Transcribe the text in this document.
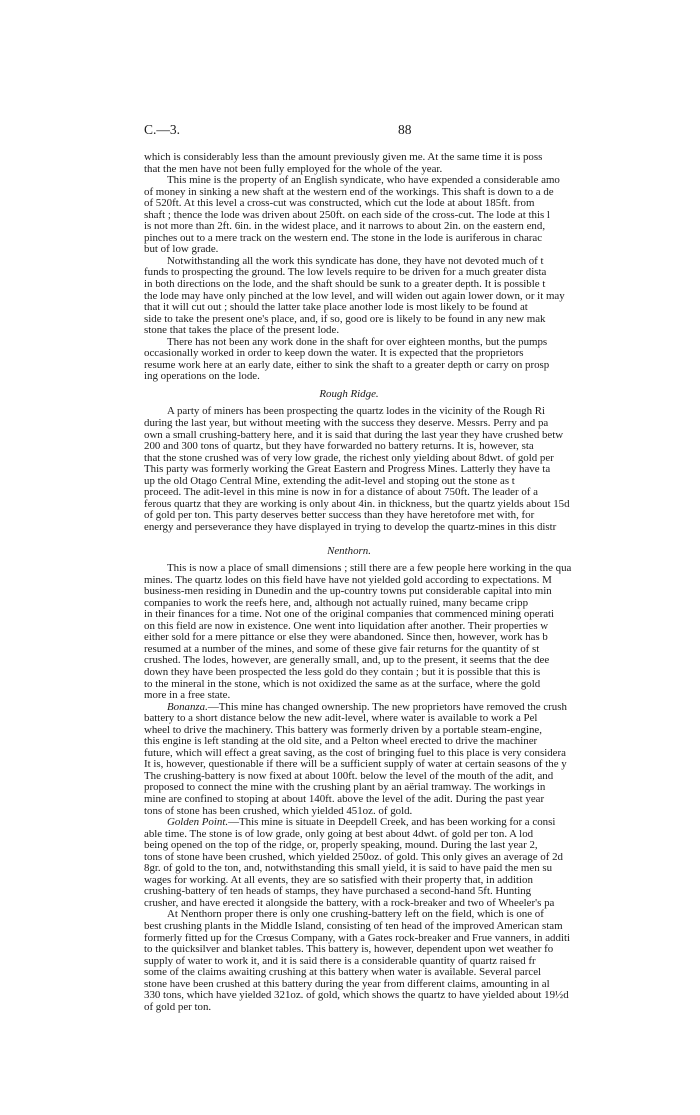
C.—3.	88

which is considerably less than the amount previously given me. At the same time it is poss

that the men have not been fully employed for the whole of the year.

This mine is the property of an English syndicate, who have expended a considerable amo

of money in sinking a new shaft at the western end of the workings. This shaft is down to a de

of 520ft. At this level a cross-cut was constructed, which cut the lode at about 185ft. from

shaft ; thence the lode was driven about 250ft. on each side of the cross-cut. The lode at this l

is not more than 2ft. 6in. in the widest place, and it narrows to about 2in. on the eastern end,

pinches out to a mere track on the western end. The stone in the lode is auriferous in charac

but of low grade.

Notwithstanding all the work this syndicate has done, they have not devoted much of t

funds to prospecting the ground. The low levels require to be driven for a much greater dista

in both directions on the lode, and the shaft should be sunk to a greater depth. It is possible t

the lode may have only pinched at the low level, and will widen out again lower down, or it may

that it will cut out ; should the latter take place another lode is most likely to be found at

side to take the present one's place, and, if so, good ore is likely to be found in any new mak

stone that takes the place of the present lode.

There has not been any work done in the shaft for over eighteen months, but the pumps

occasionally worked in order to keep down the water. It is expected that the proprietors

resume work here at an early date, either to sink the shaft to a greater depth or carry on prosp

ing operations on the lode.

Rough Ridge.

A party of miners has been prospecting the quartz lodes in the vicinity of the Rough Ri

during the last year, but without meeting with the success they deserve. Messrs. Perry and pa

own a small crushing-battery here, and it is said that during the last year they have crushed betw

200 and 300 tons of quartz, but they have forwarded no battery returns. It is, however, sta

that the stone crushed was of very low grade, the richest only yielding about 8dwt. of gold per

This party was formerly working the Great Eastern and Progress Mines. Latterly they have ta

up the old Otago Central Mine, extending the adit-level and stoping out the stone as t

proceed. The adit-level in this mine is now in for a distance of about 750ft. The leader of a

ferous quartz that they are working is only about 4in. in thickness, but the quartz yields about 15d

of gold per ton. This party deserves better success than they have heretofore met with, for

energy and perseverance they have displayed in trying to develop the quartz-mines in this distr

Nenthorn.

This is now a place of small dimensions ; still there are a few people here working in the qua

mines. The quartz lodes on this field have have not yielded gold according to expectations. M

business-men residing in Dunedin and the up-country towns put considerable capital into min

companies to work the reefs here, and, although not actually ruined, many became cripp

in their finances for a time. Not one of the original companies that commenced mining operati

on this field are now in existence. One went into liquidation after another. Their properties w

either sold for a mere pittance or else they were abandoned. Since then, however, work has b

resumed at a number of the mines, and some of these give fair returns for the quantity of st

crushed. The lodes, however, are generally small, and, up to the present, it seems that the dee

down they have been prospected the less gold do they contain ; but it is possible that this is

to the mineral in the stone, which is not oxidized the same as at the surface, where the gold

more in a free state.

Bonanza.—This mine has changed ownership. The new proprietors have removed the crush

battery to a short distance below the new adit-level, where water is available to work a Pel

wheel to drive the machinery. This battery was formerly driven by a portable steam-engine,

this engine is left standing at the old site, and a Pelton wheel erected to drive the machiner

future, which will effect a great saving, as the cost of bringing fuel to this place is very considera

It is, however, questionable if there will be a sufficient supply of water at certain seasons of the y

The crushing-battery is now fixed at about 100ft. below the level of the mouth of the adit, and

proposed to connect the mine with the crushing plant by an aërial tramway. The workings in

mine are confined to stoping at about 140ft. above the level of the adit. During the past year

tons of stone has been crushed, which yielded 451oz. of gold.

Golden Point.—This mine is situate in Deepdell Creek, and has been working for a consi

able time. The stone is of low grade, only going at best about 4dwt. of gold per ton. A lod

being opened on the top of the ridge, or, properly speaking, mound. During the last year 2,

tons of stone have been crushed, which yielded 250oz. of gold. This only gives an average of 2d

8gr. of gold to the ton, and, notwithstanding this small yield, it is said to have paid the men su

wages for working. At all events, they are so satisfied with their property that, in addition

crushing-battery of ten heads of stamps, they have purchased a second-hand 5ft. Hunting

crusher, and have erected it alongside the battery, with a rock-breaker and two of Wheeler's pa

At Nenthorn proper there is only one crushing-battery left on the field, which is one of

best crushing plants in the Middle Island, consisting of ten head of the improved American stam

formerly fitted up for the Crœsus Company, with a Gates rock-breaker and Frue vanners, in additi

to the quicksilver and blanket tables. This battery is, however, dependent upon wet weather fo

supply of water to work it, and it is said there is a considerable quantity of quartz raised fr

some of the claims awaiting crushing at this battery when water is available. Several parcel

stone have been crushed at this battery during the year from different claims, amounting in al

330 tons, which have yielded 321oz. of gold, which shows the quartz to have yielded about 19½d

of gold per ton.
